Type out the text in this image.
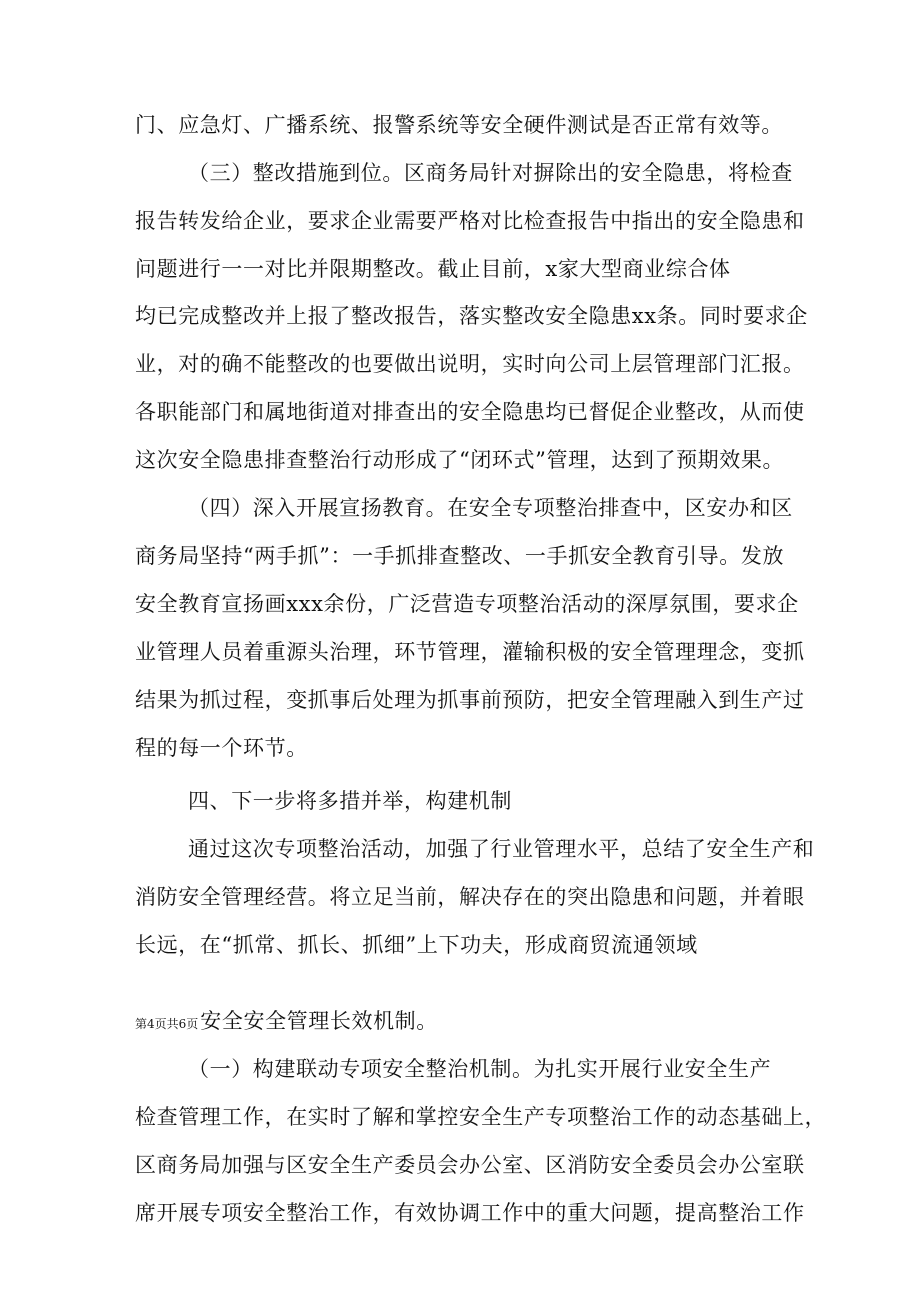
门、应急灯、广播系统、报警系统等安全硬件测试是否正常有效等。
（三）整改措施到位。区商务局针对摒除出的安全隐患，将检查
报告转发给企业，要求企业需要严格对比检查报告中指出的安全隐患和
问题进行一一对比并限期整改。截止目前，x家大型商业综合体
均已完成整改并上报了整改报告，落实整改安全隐患xx条。同时要求企
业，对的确不能整改的也要做出说明，实时向公司上层管理部门汇报。
各职能部门和属地街道对排查出的安全隐患均已督促企业整改，从而使
这次安全隐患排查整治行动形成了“闭环式”管理，达到了预期效果。
（四）深入开展宣扬教育。在安全专项整治排查中，区安办和区
商务局坚持“两手抓”：一手抓排查整改、一手抓安全教育引导。发放
安全教育宣扬画xxx余份，广泛营造专项整治活动的深厚氛围，要求企
业管理人员着重源头治理，环节管理，灌输积极的安全管理理念，变抓
结果为抓过程，变抓事后处理为抓事前预防，把安全管理融入到生产过
程的每一个环节。
四、下一步将多措并举，构建机制
通过这次专项整治活动，加强了行业管理水平，总结了安全生产和
消防安全管理经营。将立足当前，解决存在的突出隐患和问题，并着眼
长远，在“抓常、抓长、抓细”上下功夫，形成商贸流通领域
第4页共6页安全安全管理长效机制。
（一）构建联动专项安全整治机制。为扎实开展行业安全生产
检查管理工作，在实时了解和掌控安全生产专项整治工作的动态基础上，
区商务局加强与区安全生产委员会办公室、区消防安全委员会办公室联
席开展专项安全整治工作，有效协调工作中的重大问题，提高整治工作
